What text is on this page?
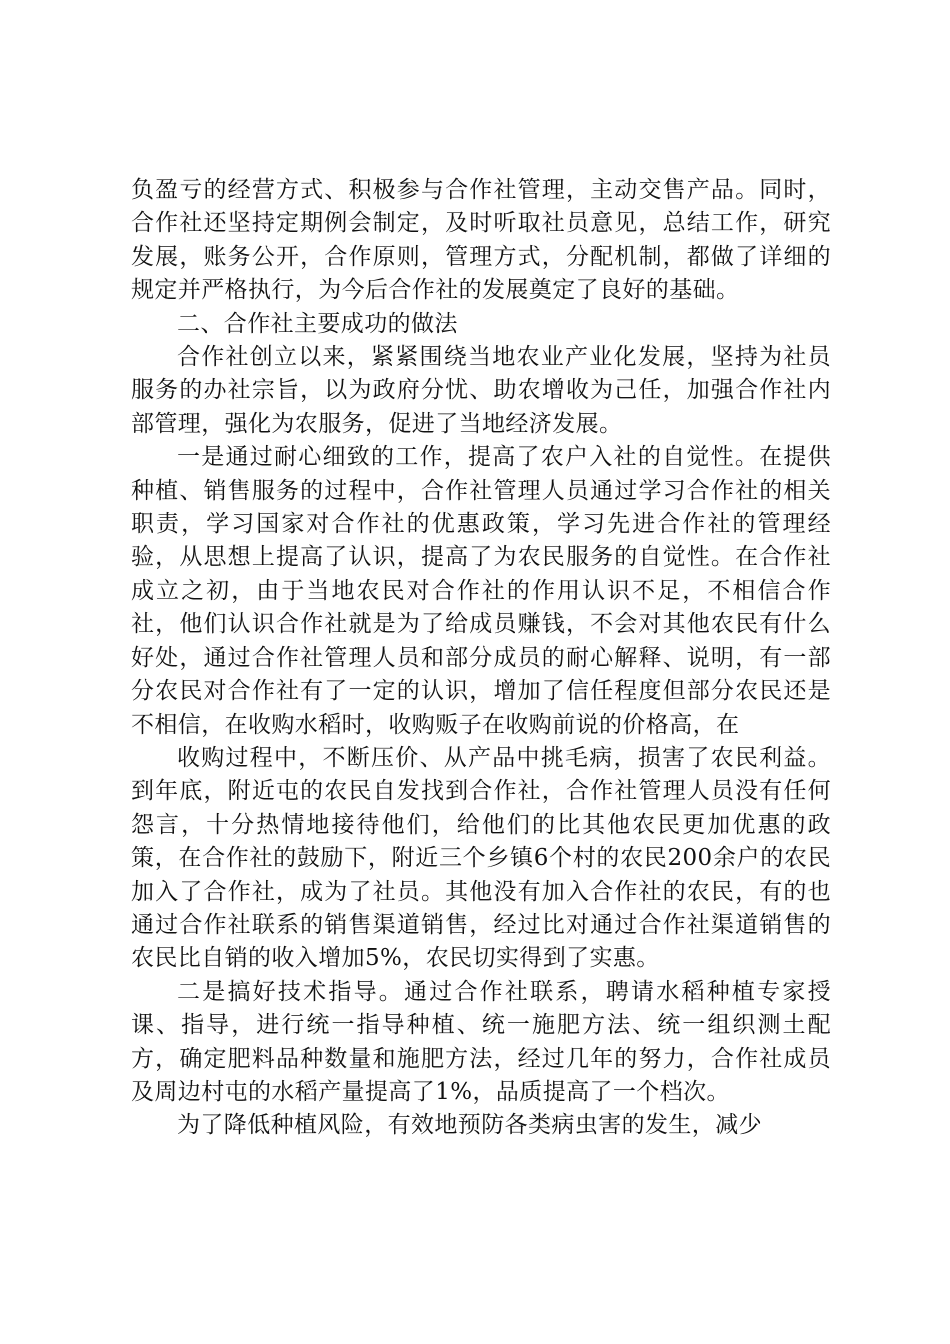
负盈亏的经营方式、积极参与合作社管理，主动交售产品。同时，合作社还坚持定期例会制定，及时听取社员意见，总结工作，研究发展，账务公开，合作原则，管理方式，分配机制，都做了详细的规定并严格执行，为今后合作社的发展奠定了良好的基础。

二、合作社主要成功的做法

合作社创立以来，紧紧围绕当地农业产业化发展，坚持为社员服务的办社宗旨，以为政府分忧、助农增收为己任，加强合作社内部管理，强化为农服务，促进了当地经济发展。

一是通过耐心细致的工作，提高了农户入社的自觉性。在提供种植、销售服务的过程中，合作社管理人员通过学习合作社的相关职责，学习国家对合作社的优惠政策，学习先进合作社的管理经验，从思想上提高了认识，提高了为农民服务的自觉性。在合作社成立之初，由于当地农民对合作社的作用认识不足，不相信合作社，他们认识合作社就是为了给成员赚钱，不会对其他农民有什么好处，通过合作社管理人员和部分成员的耐心解释、说明，有一部分农民对合作社有了一定的认识，增加了信任程度但部分农民还是不相信，在收购水稻时，收购贩子在收购前说的价格高，在

收购过程中，不断压价、从产品中挑毛病，损害了农民利益。到年底，附近屯的农民自发找到合作社，合作社管理人员没有任何怨言，十分热情地接待他们，给他们的比其他农民更加优惠的政策，在合作社的鼓励下，附近三个乡镇6个村的农民200余户的农民加入了合作社，成为了社员。其他没有加入合作社的农民，有的也通过合作社联系的销售渠道销售，经过比对通过合作社渠道销售的农民比自销的收入增加5%，农民切实得到了实惠。

二是搞好技术指导。通过合作社联系，聘请水稻种植专家授课、指导，进行统一指导种植、统一施肥方法、统一组织测土配方，确定肥料品种数量和施肥方法，经过几年的努力，合作社成员及周边村屯的水稻产量提高了1%，品质提高了一个档次。

为了降低种植风险，有效地预防各类病虫害的发生，减少
